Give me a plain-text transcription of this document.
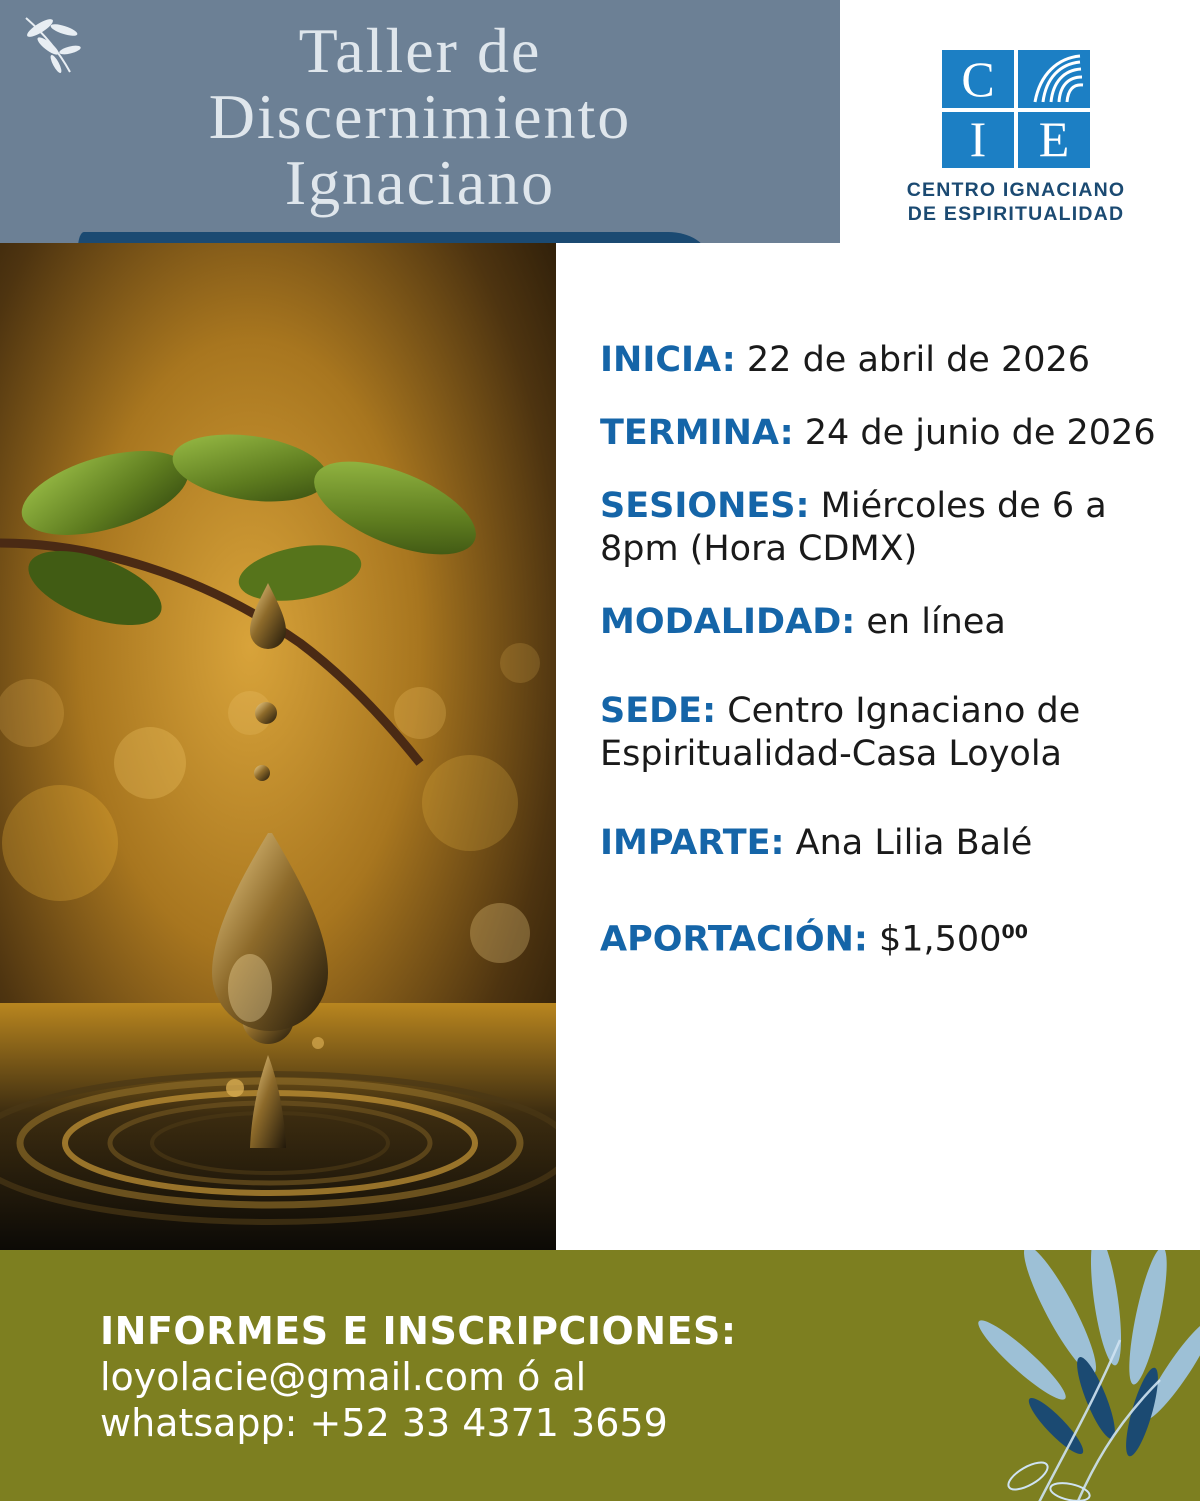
Taller de
Discernimiento
Ignaciano
C
I E
CENTRO IGNACIANO
DE ESPIRITUALIDAD
INICIA: 22 de abril de 2026
TERMINA: 24 de junio de 2026
SESIONES: Miércoles de 6 a 8pm (Hora CDMX)
MODALIDAD: en línea
SEDE: Centro Ignaciano de Espiritualidad-Casa Loyola
IMPARTE: Ana Lilia Balé
APORTACIÓN: $1,500$^{00}$
INFORMES E INSCRIPCIONES:
loyolacie@gmail.com ó al
whatsapp: +52 33 4371 3659
